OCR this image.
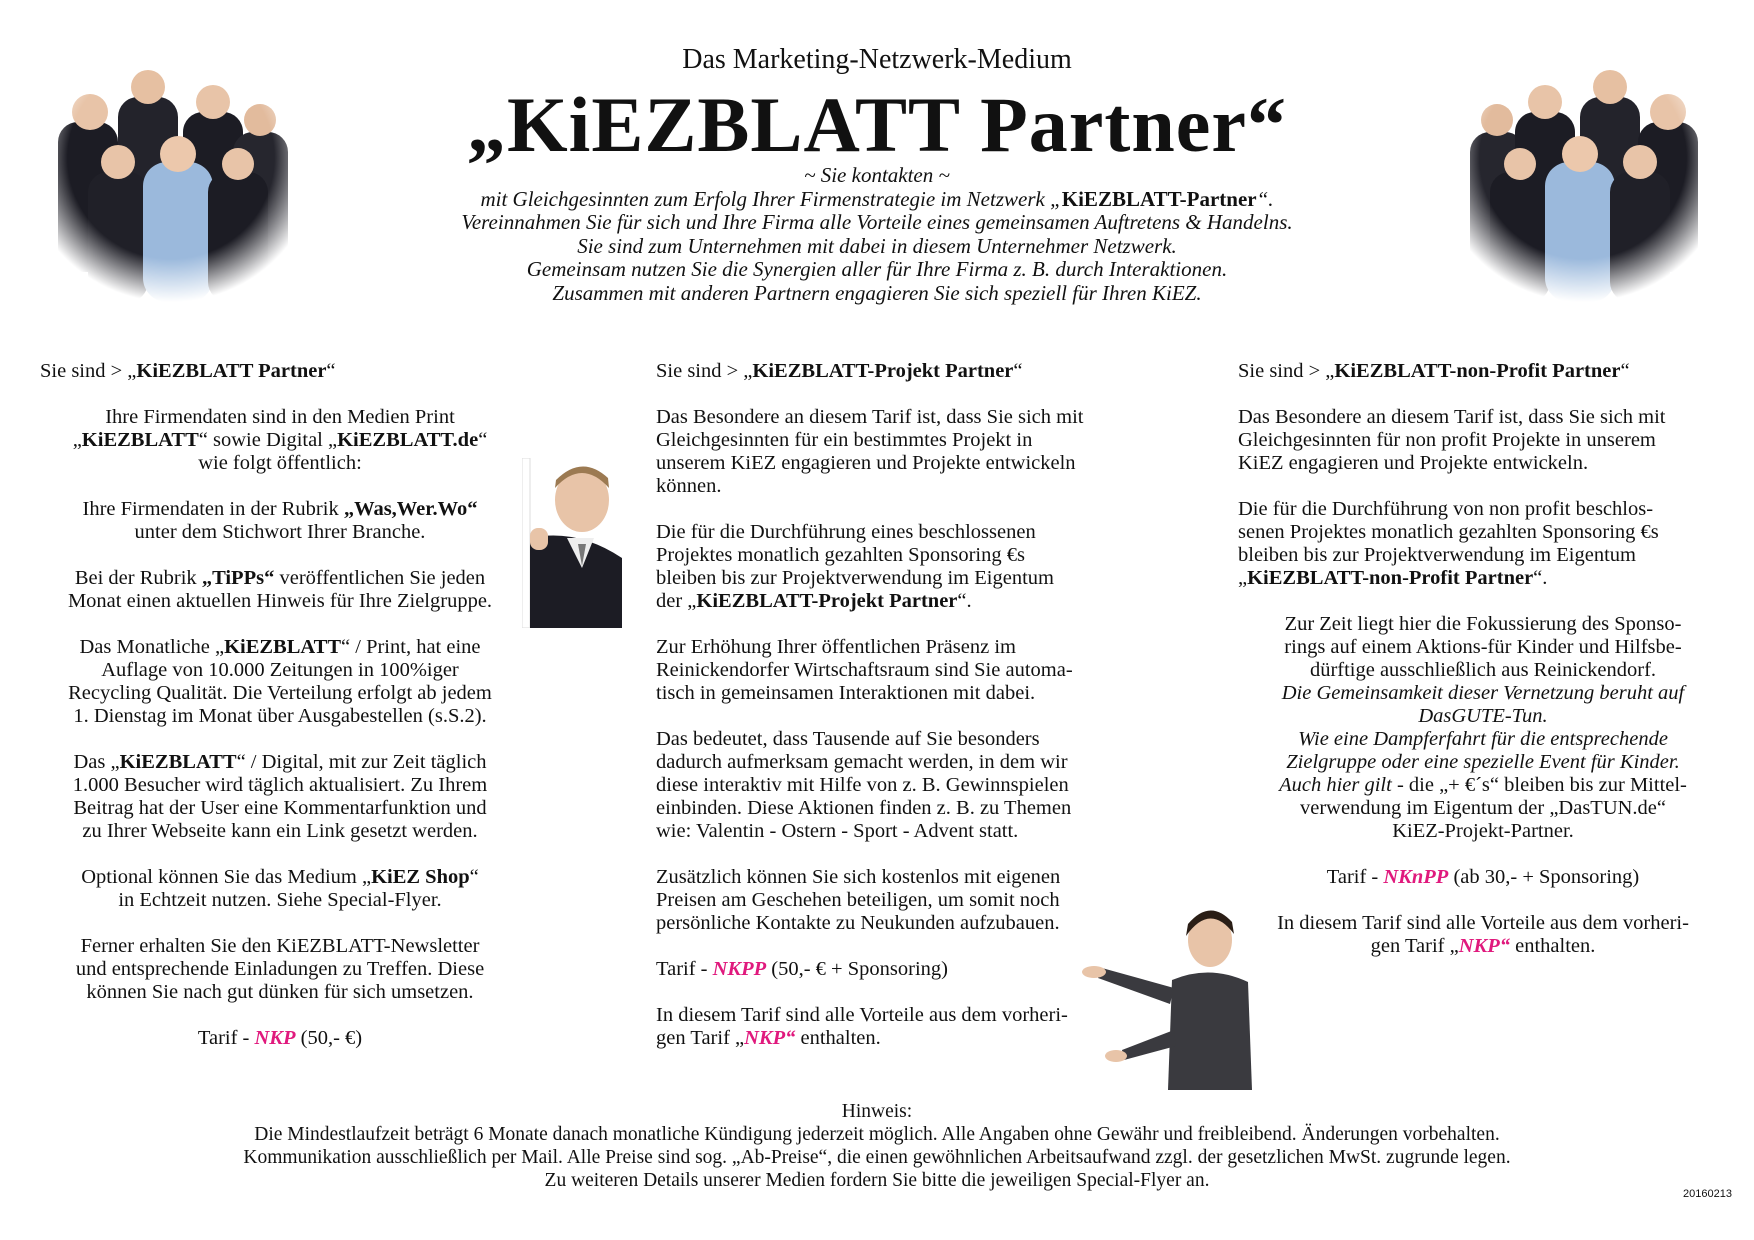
Das Marketing-Netzwerk-Medium
„KiEZBLATT Partner“
~ Sie kontakten ~
mit Gleichgesinnten zum Erfolg Ihrer Firmenstrategie im Netzwerk „KiEZBLATT-Partner“.
Vereinnahmen Sie für sich und Ihre Firma alle Vorteile eines gemeinsamen Auftretens & Handelns.
Sie sind zum Unternehmen mit dabei in diesem Unternehmer Netzwerk.
Gemeinsam nutzen Sie die Synergien aller für Ihre Firma z. B. durch Interaktionen.
Zusammen mit anderen Partnern engagieren Sie sich speziell für Ihren KiEZ.

Sie sind > „KiEZBLATT Partner“

Ihre Firmendaten sind in den Medien Print
„KiEZBLATT“ sowie Digital „KiEZBLATT.de“
wie folgt öffentlich:

Ihre Firmendaten in der Rubrik „Was,Wer.Wo“
unter dem Stichwort Ihrer Branche.

Bei der Rubrik „TiPPs“ veröffentlichen Sie jeden
Monat einen aktuellen Hinweis für Ihre Zielgruppe.

Das Monatliche „KiEZBLATT“ / Print, hat eine
Auflage von 10.000 Zeitungen in 100%iger
Recycling Qualität. Die Verteilung erfolgt ab jedem
1. Dienstag im Monat über Ausgabestellen (s.S.2).

Das „KiEZBLATT“ / Digital, mit zur Zeit täglich
1.000 Besucher wird täglich aktualisiert. Zu Ihrem
Beitrag hat der User eine Kommentarfunktion und
zu Ihrer Webseite kann ein Link gesetzt werden.

Optional können Sie das Medium „KiEZ Shop“
in Echtzeit nutzen. Siehe Special-Flyer.

Ferner erhalten Sie den KiEZBLATT-Newsletter
und entsprechende Einladungen zu Treffen. Diese
können Sie nach gut dünken für sich umsetzen.

Tarif - NKP (50,- €)

Sie sind > „KiEZBLATT-Projekt Partner“

Das Besondere an diesem Tarif ist, dass Sie sich mit
Gleichgesinnten für ein bestimmtes Projekt in
unserem KiEZ engagieren und Projekte entwickeln
können.

Die für die Durchführung eines beschlossenen
Projektes monatlich gezahlten Sponsoring €s
bleiben bis zur Projektverwendung im Eigentum
der „KiEZBLATT-Projekt Partner“.

Zur Erhöhung Ihrer öffentlichen Präsenz im
Reinickendorfer Wirtschaftsraum sind Sie automa-
tisch in gemeinsamen Interaktionen mit dabei.

Das bedeutet, dass Tausende auf Sie besonders
dadurch aufmerksam gemacht werden, in dem wir
diese interaktiv mit Hilfe von z. B. Gewinnspielen
einbinden. Diese Aktionen finden z. B. zu Themen
wie: Valentin - Ostern - Sport - Advent statt.

Zusätzlich können Sie sich kostenlos mit eigenen
Preisen am Geschehen beteiligen, um somit noch
persönliche Kontakte zu Neukunden aufzubauen.

Tarif - NKPP (50,- € + Sponsoring)

In diesem Tarif sind alle Vorteile aus dem vorheri-
gen Tarif „NKP“ enthalten.

Sie sind > „KiEZBLATT-non-Profit Partner“

Das Besondere an diesem Tarif ist, dass Sie sich mit
Gleichgesinnten für non profit Projekte in unserem
KiEZ engagieren und Projekte entwickeln.

Die für die Durchführung von non profit beschlos-
senen Projektes monatlich gezahlten Sponsoring €s
bleiben bis zur Projektverwendung im Eigentum
„KiEZBLATT-non-Profit Partner“.

Zur Zeit liegt hier die Fokussierung des Sponso-
rings auf einem Aktions-für Kinder und Hilfsbe-
dürftige ausschließlich aus Reinickendorf.
Die Gemeinsamkeit dieser Vernetzung beruht auf
DasGUTE-Tun.
Wie eine Dampferfahrt für die entsprechende
Zielgruppe oder eine spezielle Event für Kinder.
Auch hier gilt - die „+ €´s“ bleiben bis zur Mittel-
verwendung im Eigentum der „DasTUN.de“
KiEZ-Projekt-Partner.

Tarif - NKnPP (ab 30,- + Sponsoring)

In diesem Tarif sind alle Vorteile aus dem vorheri-
gen Tarif „NKP“ enthalten.

Hinweis:
Die Mindestlaufzeit beträgt 6 Monate danach monatliche Kündigung jederzeit möglich. Alle Angaben ohne Gewähr und freibleibend. Änderungen vorbehalten.
Kommunikation ausschließlich per Mail. Alle Preise sind sog. „Ab-Preise“, die einen gewöhnlichen Arbeitsaufwand zzgl. der gesetzlichen MwSt. zugrunde legen.
Zu weiteren Details unserer Medien fordern Sie bitte die jeweiligen Special-Flyer an.
20160213
